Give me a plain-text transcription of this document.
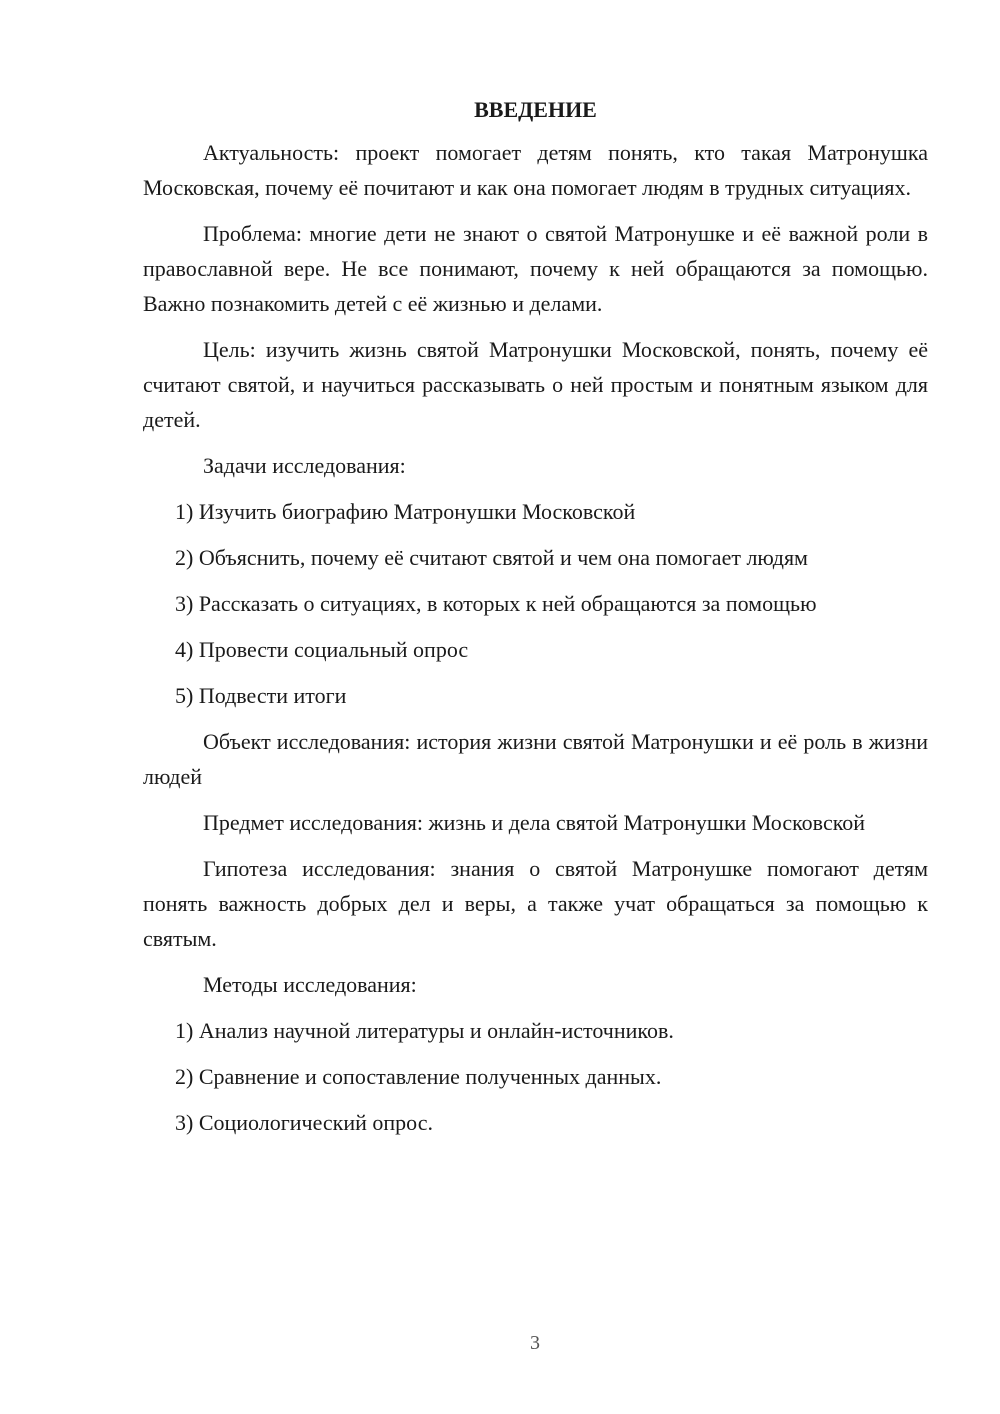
ВВЕДЕНИЕ

Актуальность: проект помогает детям понять, кто такая Матронушка Московская, почему её почитают и как она помогает людям в трудных ситуациях.

Проблема: многие дети не знают о святой Матронушке и её важной роли в православной вере. Не все понимают, почему к ней обращаются за помощью. Важно познакомить детей с её жизнью и делами.

Цель: изучить жизнь святой Матронушки Московской, понять, почему её считают святой, и научиться рассказывать о ней простым и понятным языком для детей.

Задачи исследования:

1) Изучить биографию Матронушки Московской

2) Объяснить, почему её считают святой и чем она помогает людям

3) Рассказать о ситуациях, в которых к ней обращаются за помощью

4) Провести социальный опрос

5) Подвести итоги

Объект исследования: история жизни святой Матронушки и её роль в жизни людей

Предмет исследования: жизнь и дела святой Матронушки Московской

Гипотеза исследования: знания о святой Матронушке помогают детям понять важность добрых дел и веры, а также учат обращаться за помощью к святым.

Методы исследования:

1) Анализ научной литературы и онлайн-источников.

2) Сравнение и сопоставление полученных данных.

3) Социологический опрос.

3
